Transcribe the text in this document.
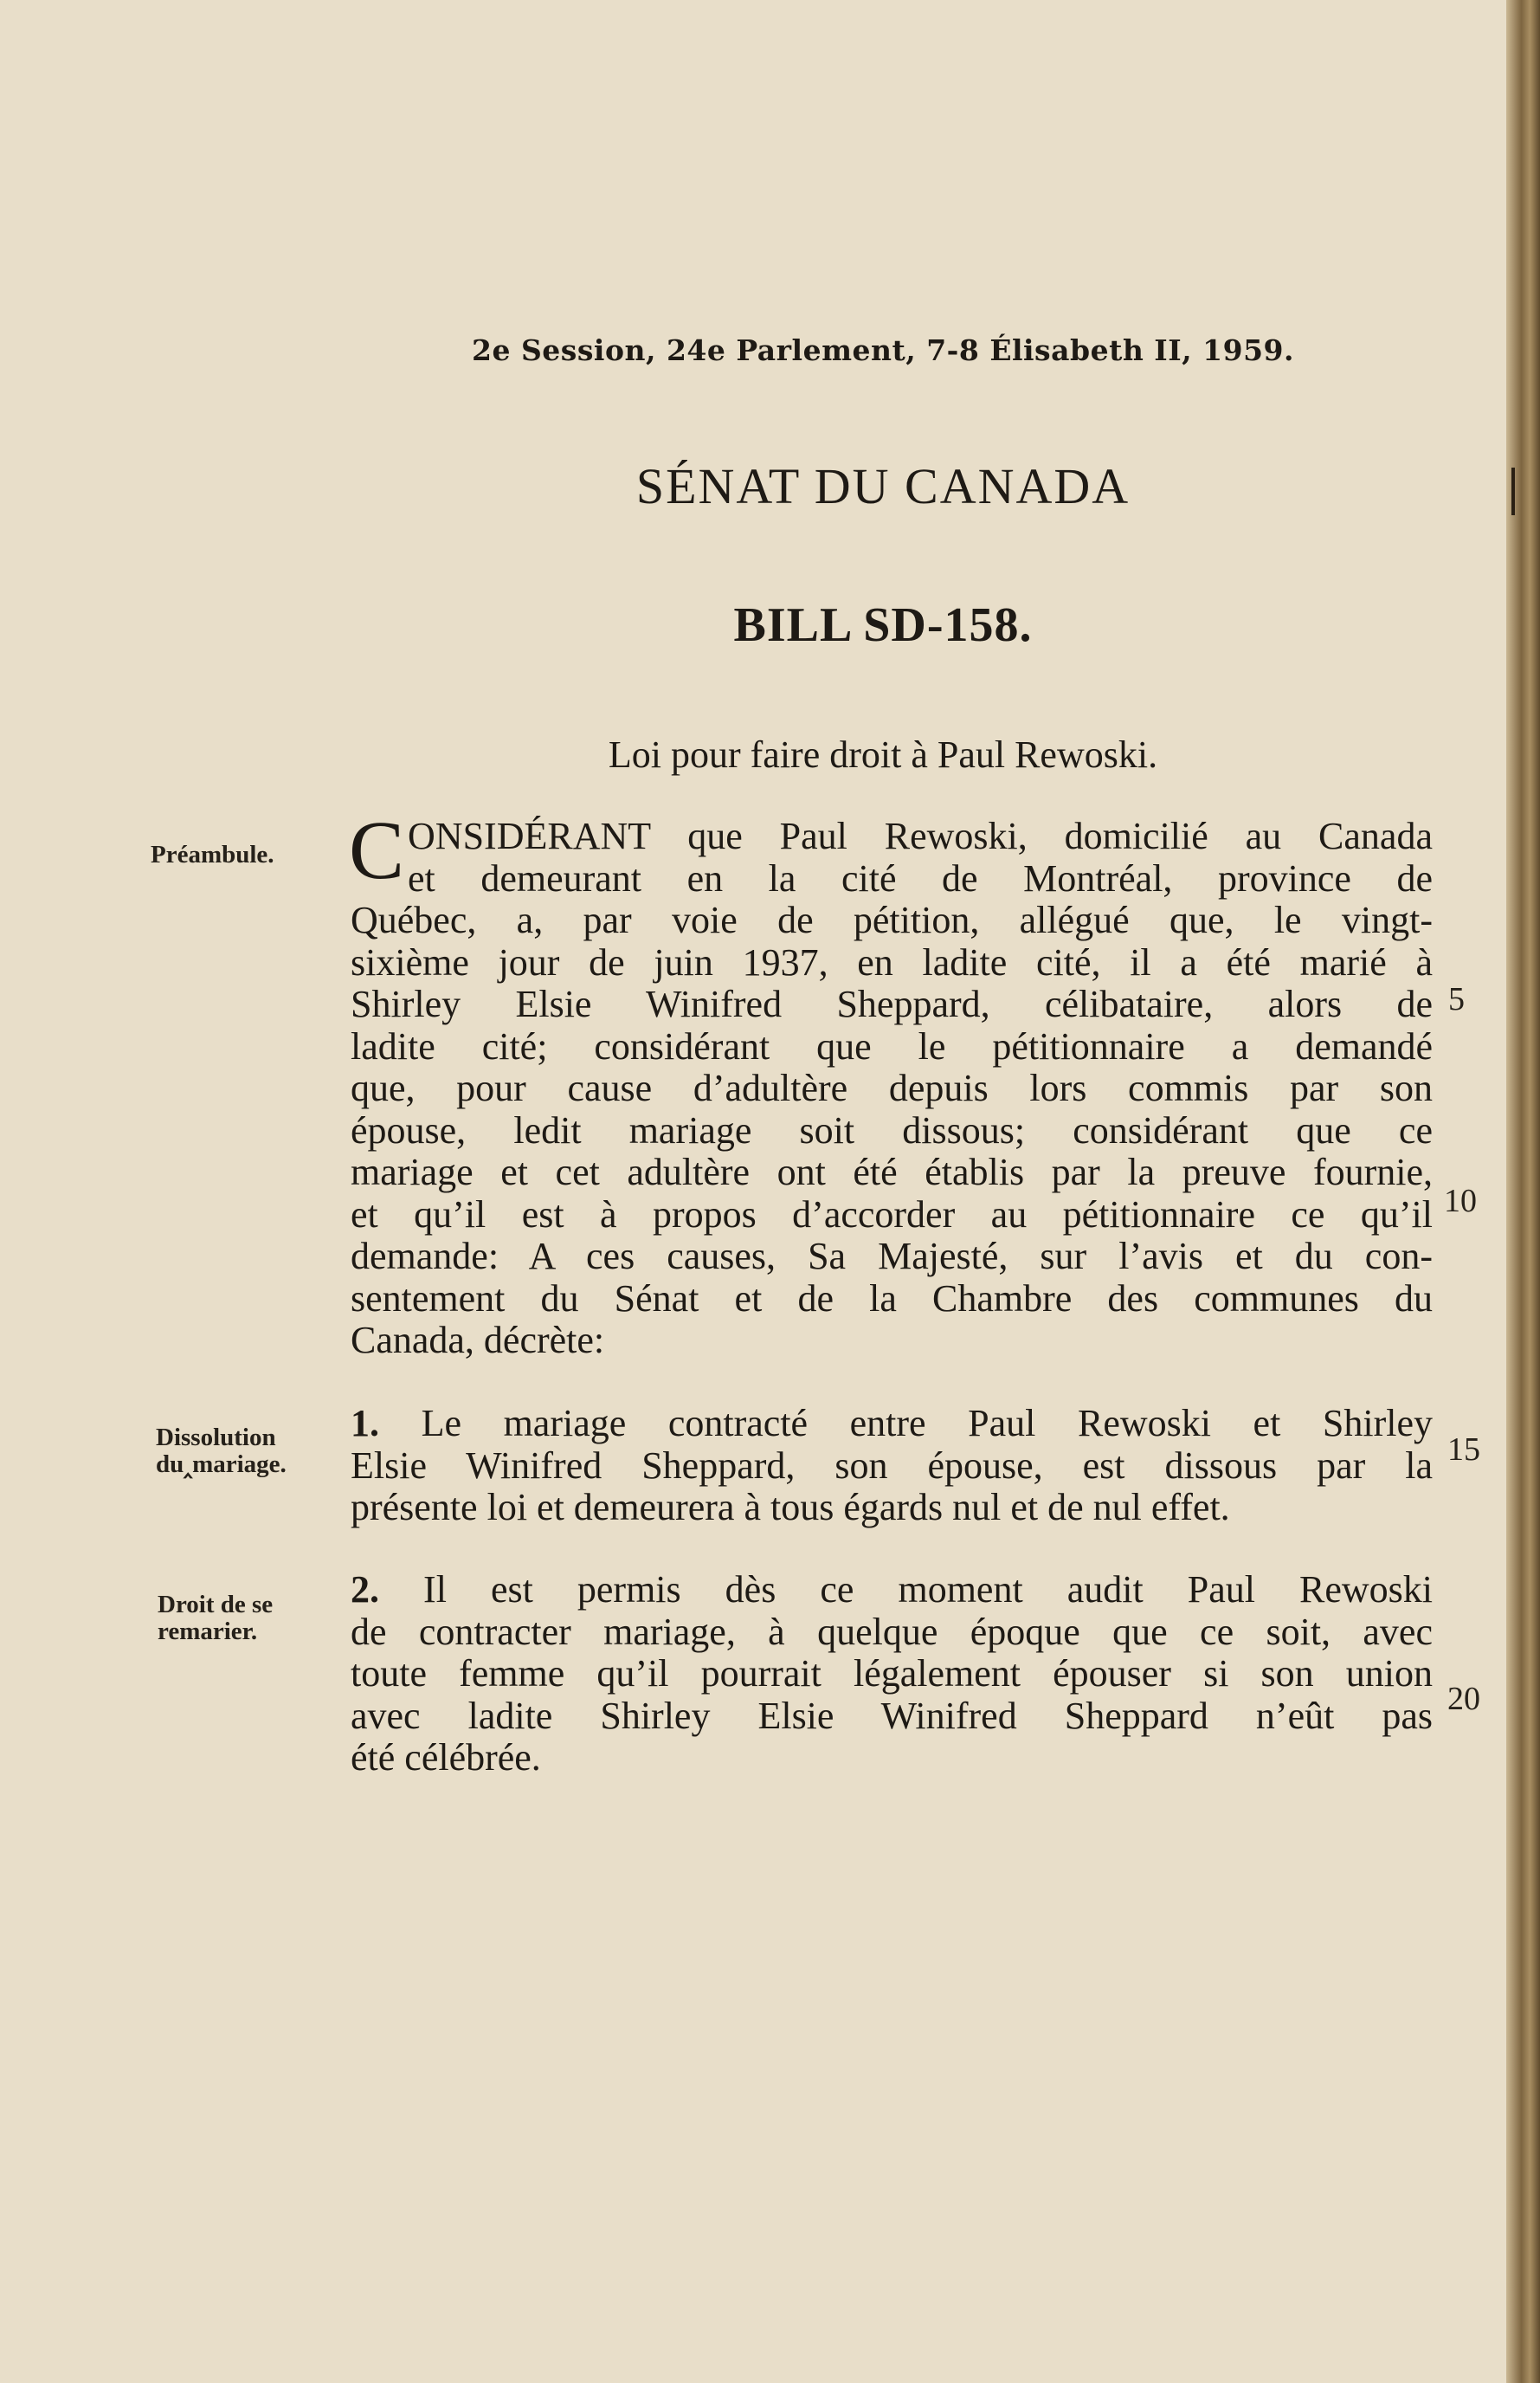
2e Session, 24e Parlement, 7-8 Élisabeth II, 1959.
SÉNAT DU CANADA
BILL SD-158.
Loi pour faire droit à Paul Rewoski.
Préambule.
Dissolution
du‸mariage.
Droit de se
remarier.
C ONSIDÉRANT que Paul Rewoski, domicilié au Canada
et demeurant en la cité de Montréal, province de
Québec, a, par voie de pétition, allégué que, le vingt-
sixième jour de juin 1937, en ladite cité, il a été marié à
Shirley Elsie Winifred Sheppard, célibataire, alors de
ladite cité; considérant que le pétitionnaire a demandé
que, pour cause d’adultère depuis lors commis par son
épouse, ledit mariage soit dissous; considérant que ce
mariage et cet adultère ont été établis par la preuve fournie,
et qu’il est à propos d’accorder au pétitionnaire ce qu’il
demande: A ces causes, Sa Majesté, sur l’avis et du con-
sentement du Sénat et de la Chambre des communes du
Canada, décrète:
1. Le mariage contracté entre Paul Rewoski et Shirley
Elsie Winifred Sheppard, son épouse, est dissous par la
présente loi et demeurera à tous égards nul et de nul effet.
2. Il est permis dès ce moment audit Paul Rewoski
de contracter mariage, à quelque époque que ce soit, avec
toute femme qu’il pourrait légalement épouser si son union
avec ladite Shirley Elsie Winifred Sheppard n’eût pas
été célébrée.
5
10
15
20
